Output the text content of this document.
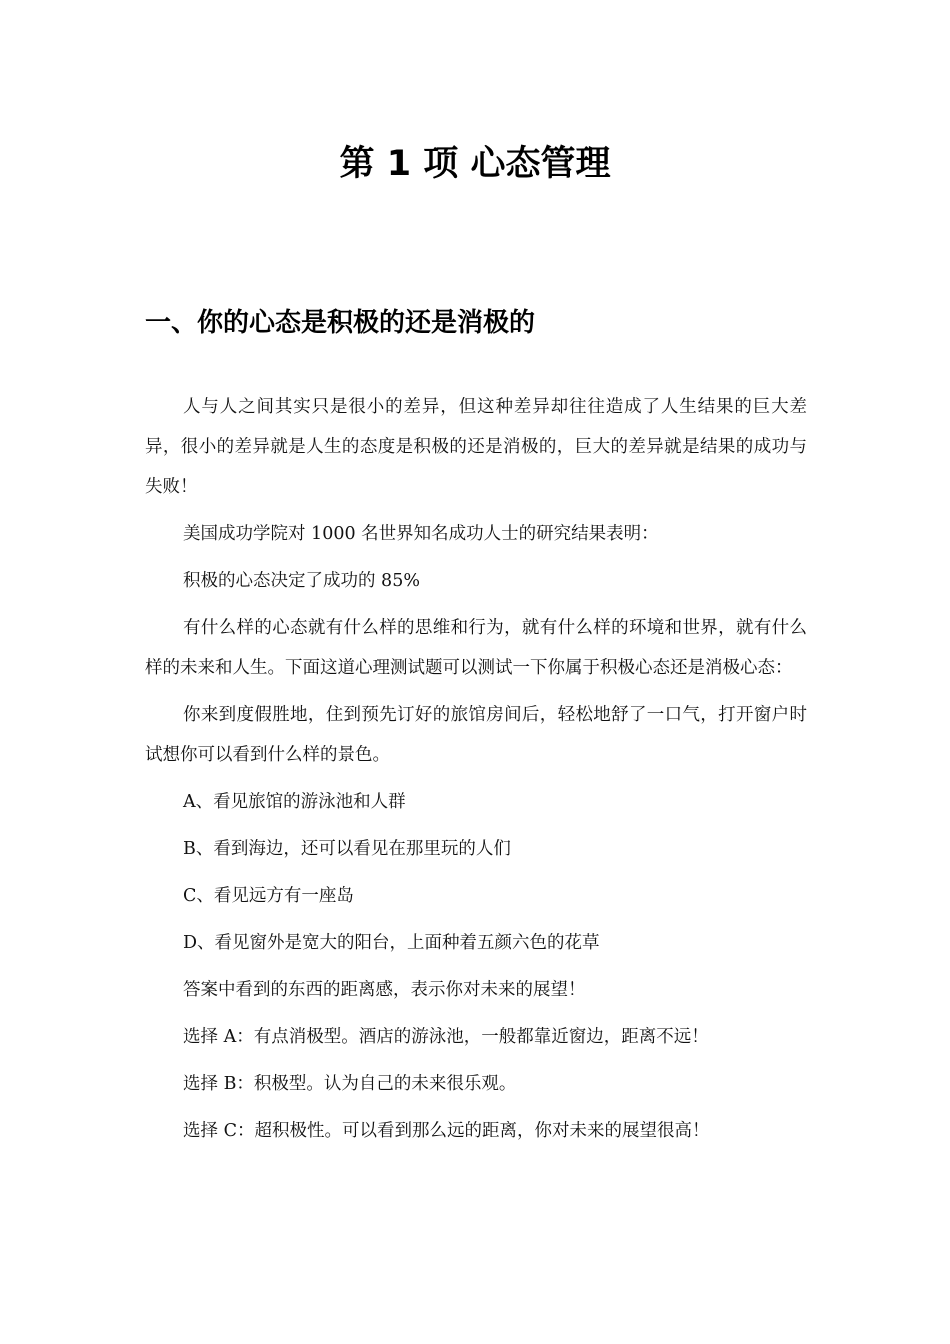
第 1 项 心态管理
一、你的心态是积极的还是消极的

人与人之间其实只是很小的差异，但这种差异却往往造成了人生结果的巨大差异，很小的差异就是人生的态度是积极的还是消极的，巨大的差异就是结果的成功与失败！

美国成功学院对 1000 名世界知名成功人士的研究结果表明：

积极的心态决定了成功的 85%

有什么样的心态就有什么样的思维和行为，就有什么样的环境和世界，就有什么样的未来和人生。下面这道心理测试题可以测试一下你属于积极心态还是消极心态：

你来到度假胜地，住到预先订好的旅馆房间后，轻松地舒了一口气，打开窗户时试想你可以看到什么样的景色。

A、看见旅馆的游泳池和人群

B、看到海边，还可以看见在那里玩的人们

C、看见远方有一座岛

D、看见窗外是宽大的阳台，上面种着五颜六色的花草

答案中看到的东西的距离感，表示你对未来的展望！

选择 A：有点消极型。酒店的游泳池，一般都靠近窗边，距离不远！

选择 B：积极型。认为自己的未来很乐观。

选择 C：超积极性。可以看到那么远的距离，你对未来的展望很高！
